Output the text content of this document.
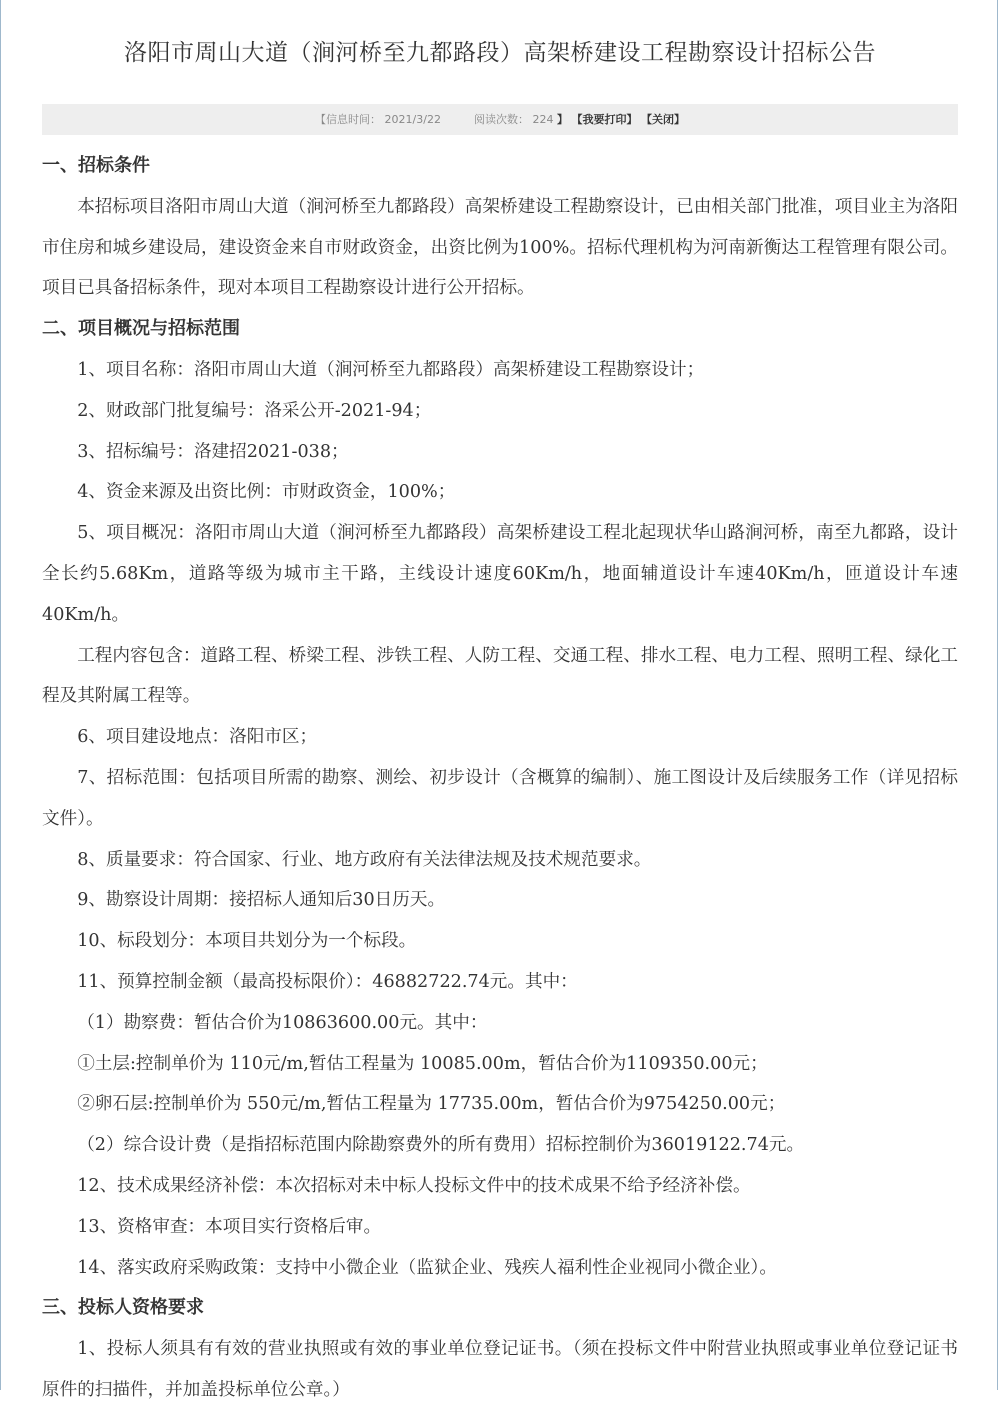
洛阳市周山大道（涧河桥至九都路段）高架桥建设工程勘察设计招标公告
【信息时间： 2021/3/22	阅读次数： 224 】 【我要打印】 【关闭】
一、招标条件

本招标项目洛阳市周山大道（涧河桥至九都路段）高架桥建设工程勘察设计，已由相关部门批准，项目业主为洛阳市住房和城乡建设局，建设资金来自市财政资金，出资比例为100%。招标代理机构为河南新衡达工程管理有限公司。项目已具备招标条件，现对本项目工程勘察设计进行公开招标。

二、项目概况与招标范围

1、项目名称：洛阳市周山大道（涧河桥至九都路段）高架桥建设工程勘察设计；

2、财政部门批复编号：洛采公开-2021-94；

3、招标编号：洛建招2021-038；

4、资金来源及出资比例：市财政资金，100%；

5、项目概况：洛阳市周山大道（涧河桥至九都路段）高架桥建设工程北起现状华山路涧河桥，南至九都路，设计全长约5.68Km，道路等级为城市主干路，主线设计速度60Km/h，地面辅道设计车速40Km/h，匝道设计车速40Km/h。

工程内容包含：道路工程、桥梁工程、涉铁工程、人防工程、交通工程、排水工程、电力工程、照明工程、绿化工程及其附属工程等。

6、项目建设地点：洛阳市区；

7、招标范围：包括项目所需的勘察、测绘、初步设计（含概算的编制）、施工图设计及后续服务工作（详见招标文件）。

8、质量要求：符合国家、行业、地方政府有关法律法规及技术规范要求。

9、勘察设计周期：接招标人通知后30日历天。

10、标段划分：本项目共划分为一个标段。

11、预算控制金额（最高投标限价）：46882722.74元。其中：

（1）勘察费：暂估合价为10863600.00元。其中：

①土层:控制单价为 110元/m,暂估工程量为 10085.00m，暂估合价为1109350.00元；

②卵石层:控制单价为 550元/m,暂估工程量为 17735.00m，暂估合价为9754250.00元；

（2）综合设计费（是指招标范围内除勘察费外的所有费用）招标控制价为36019122.74元。

12、技术成果经济补偿：本次招标对未中标人投标文件中的技术成果不给予经济补偿。

13、资格审查：本项目实行资格后审。

14、落实政府采购政策：支持中小微企业（监狱企业、残疾人福利性企业视同小微企业）。

三、投标人资格要求

1、投标人须具有有效的营业执照或有效的事业单位登记证书。（须在投标文件中附营业执照或事业单位登记证书原件的扫描件，并加盖投标单位公章。）
